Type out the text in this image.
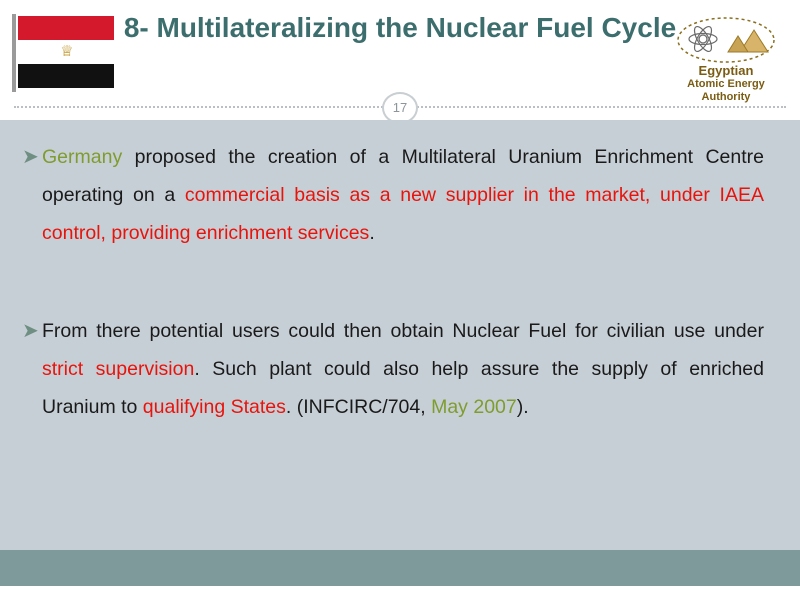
♕
8- Multilateralizing the Nuclear Fuel Cycle
Egyptian
Atomic Energy Authority
17
➤ Germany proposed the creation of a Multilateral Uranium Enrichment Centre operating on a commercial basis as a new supplier in the market, under IAEA control, providing enrichment services.
➤ From there potential users could then obtain Nuclear Fuel for civilian use under strict supervision. Such plant could also help assure the supply of enriched Uranium to qualifying States. (INFCIRC/704, May 2007).
